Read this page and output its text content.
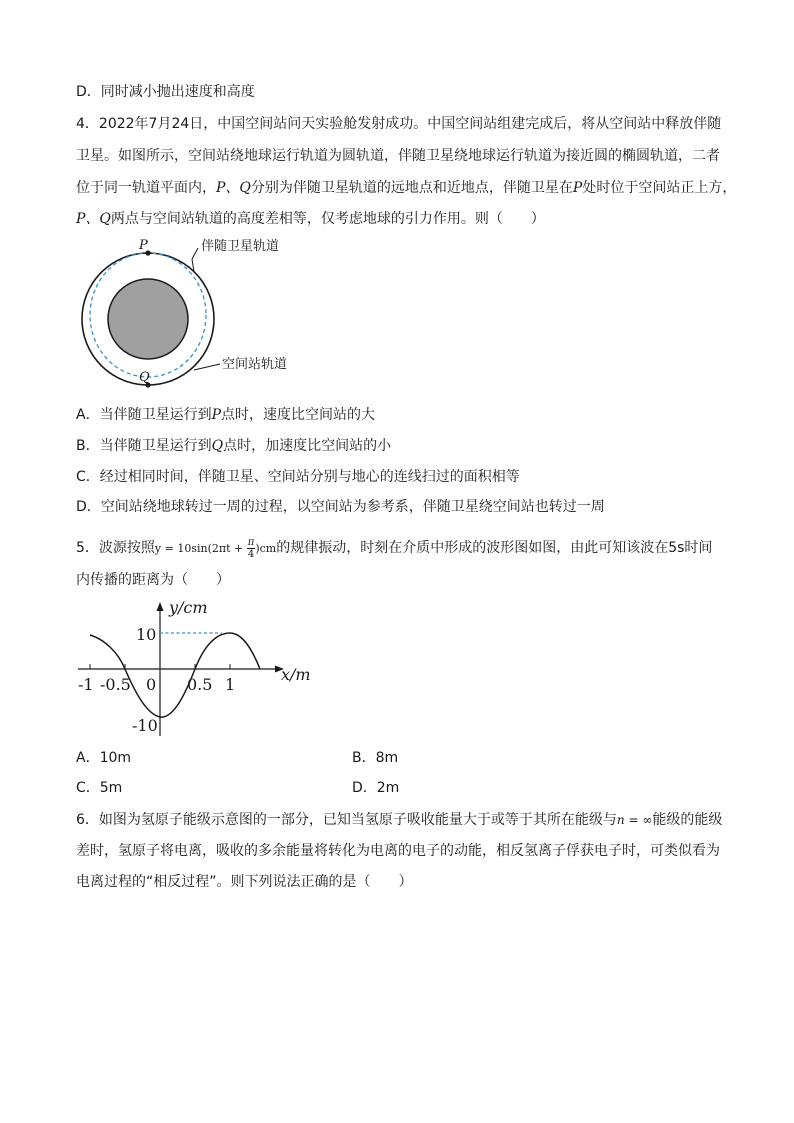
D．同时减小抛出速度和高度
4．2022年7月24日，中国空间站问天实验舱发射成功。中国空间站组建完成后，将从空间站中释放伴随
卫星。如图所示，空间站绕地球运行轨道为圆轨道，伴随卫星绕地球运行轨道为接近圆的椭圆轨道，二者
位于同一轨道平面内，P、Q分别为伴随卫星轨道的远地点和近地点，伴随卫星在P处时位于空间站正上方，
P、Q两点与空间站轨道的高度差相等，仅考虑地球的引力作用。则（　　）
P
Q
伴随卫星轨道
空间站轨道
A．当伴随卫星运行到P点时，速度比空间站的大
B．当伴随卫星运行到Q点时，加速度比空间站的小
C．经过相同时间，伴随卫星、空间站分别与地心的连线扫过的面积相等
D．空间站绕地球转过一周的过程，以空间站为参考系，伴随卫星绕空间站也转过一周
5．波源按照$y = 10\sin(2\pi t + \frac{\pi}{4} )cm$的规律振动，时刻在介质中形成的波形图如图，由此可知该波在5s时间
内传播的距离为（　　）
y/cm
x/m
10
-10
-1 -0.5 0 0.5 1
A．10m	B．8m
C．5m	D．2m
6．如图为氢原子能级示意图的一部分，已知当氢原子吸收能量大于或等于其所在能级与n = ∞能级的能级
差时，氢原子将电离，吸收的多余能量将转化为电离的电子的动能，相反氢离子俘获电子时，可类似看为
电离过程的“相反过程”。则下列说法正确的是（　　）
